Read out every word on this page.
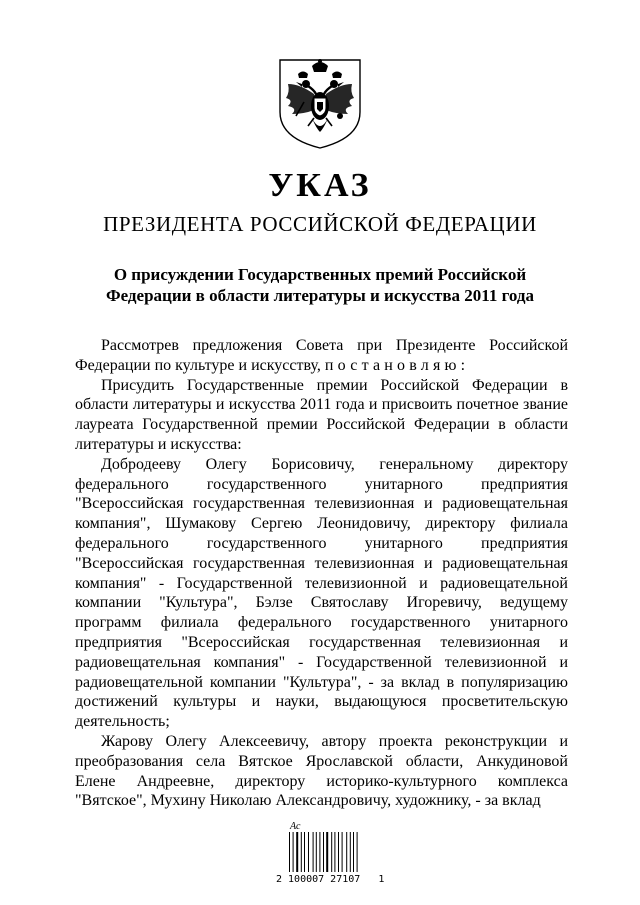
УКАЗ
ПРЕЗИДЕНТА РОССИЙСКОЙ ФЕДЕРАЦИИ
О присуждении Государственных премий Российской
Федерации в области литературы и искусства 2011 года

Рассмотрев предложения Совета при Президенте Российской Федерации по культуре и искусству, постановляю:

Присудить Государственные премии Российской Федерации в области литературы и искусства 2011 года и присвоить почетное звание лауреата Государственной премии Российской Федерации в области литературы и искусства:

Добродееву Олегу Борисовичу, генеральному директору федерального государственного унитарного предприятия "Всероссийская государственная телевизионная и радиовещательная компания", Шумакову Сергею Леонидовичу, директору филиала федерального государственного унитарного предприятия "Всероссийская государственная телевизионная и радиовещательная компания" - Государственной телевизионной и радиовещательной компании "Культура", Бэлзе Святославу Игоревичу, ведущему программ филиала федерального государственного унитарного предприятия "Всероссийская государственная телевизионная и радиовещательная компания" - Государственной телевизионной и радиовещательной компании "Культура", - за вклад в популяризацию достижений культуры и науки, выдающуюся просветительскую деятельность;

Жарову Олегу Алексеевичу, автору проекта реконструкции и преобразования села Вятское Ярославской области, Анкудиновой Елене Андреевне, директору историко-культурного комплекса "Вятское", Мухину Николаю Александровичу, художнику, - за вклад

Ас
2 100007 27107   1
